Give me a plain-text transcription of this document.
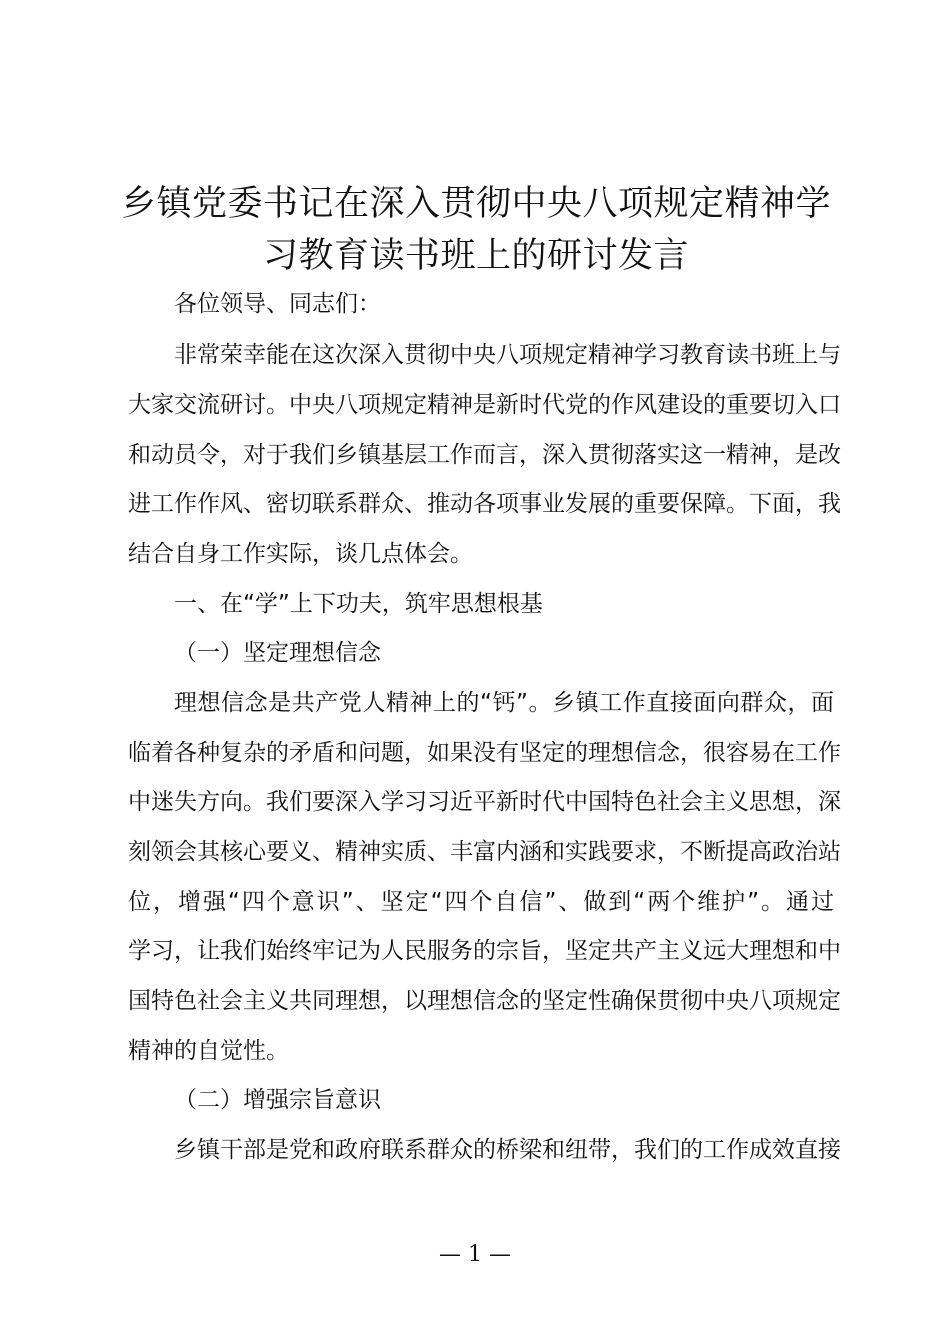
乡镇党委书记在深入贯彻中央八项规定精神学
习教育读书班上的研讨发言
各位领导、同志们：
非常荣幸能在这次深入贯彻中央八项规定精神学习教育读书班上与
大家交流研讨。中央八项规定精神是新时代党的作风建设的重要切入口
和动员令，对于我们乡镇基层工作而言，深入贯彻落实这一精神，是改
进工作作风、密切联系群众、推动各项事业发展的重要保障。下面，我
结合自身工作实际，谈几点体会。
一、在“学”上下功夫，筑牢思想根基
（一）坚定理想信念
理想信念是共产党人精神上的“钙”。乡镇工作直接面向群众，面
临着各种复杂的矛盾和问题，如果没有坚定的理想信念，很容易在工作
中迷失方向。我们要深入学习习近平新时代中国特色社会主义思想，深
刻领会其核心要义、精神实质、丰富内涵和实践要求，不断提高政治站
位，增强“四个意识”、坚定“四个自信”、做到“两个维护”。通过
学习，让我们始终牢记为人民服务的宗旨，坚定共产主义远大理想和中
国特色社会主义共同理想，以理想信念的坚定性确保贯彻中央八项规定
精神的自觉性。
（二）增强宗旨意识
乡镇干部是党和政府联系群众的桥梁和纽带，我们的工作成效直接
— 1 —
